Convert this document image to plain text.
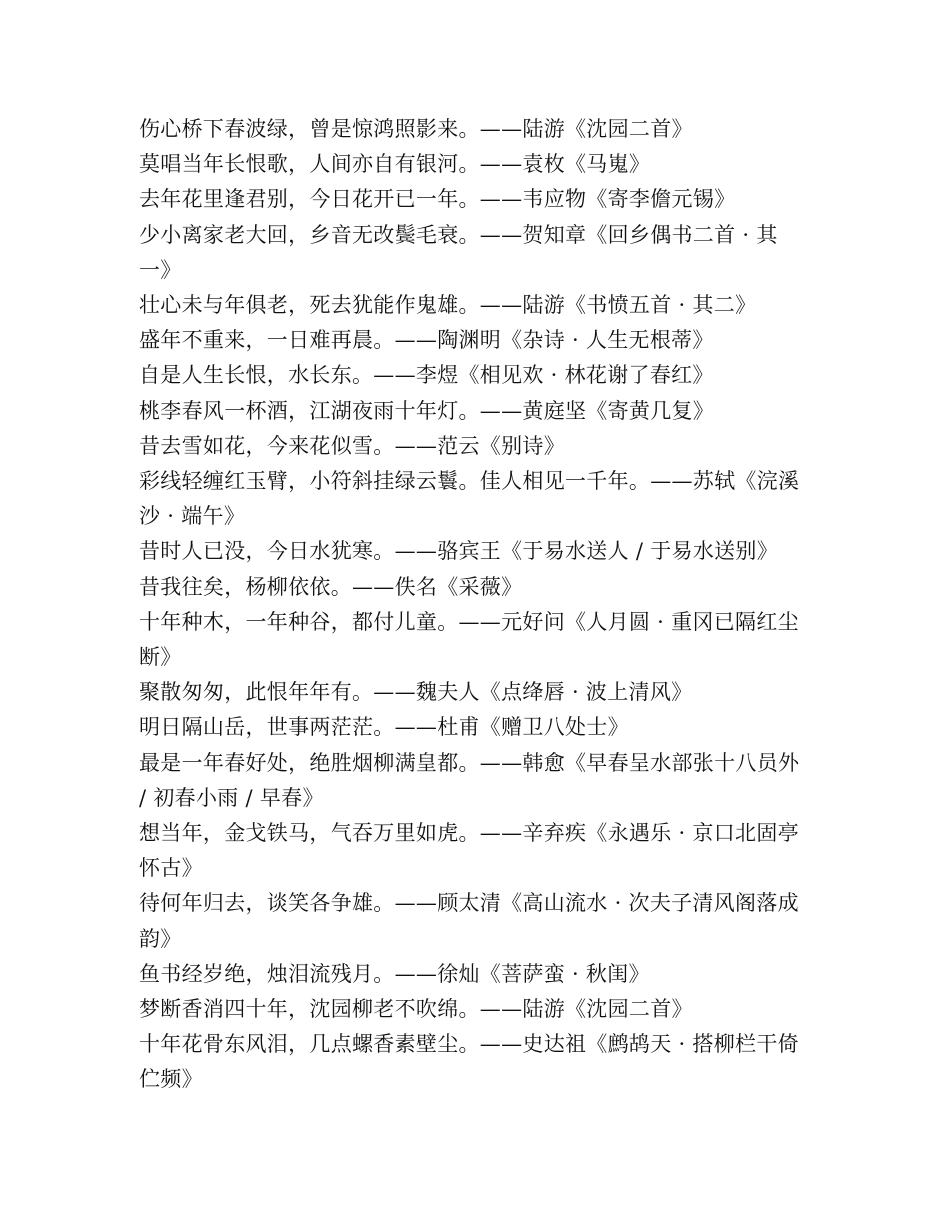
伤心桥下春波绿，曾是惊鸿照影来。——陆游《沈园二首》
莫唱当年长恨歌，人间亦自有银河。——袁枚《马嵬》
去年花里逢君别，今日花开已一年。——韦应物《寄李儋元锡》
少小离家老大回，乡音无改鬓毛衰。——贺知章《回乡偶书二首 · 其
一》
壮心未与年俱老，死去犹能作鬼雄。——陆游《书愤五首 · 其二》
盛年不重来，一日难再晨。——陶渊明《杂诗 · 人生无根蒂》
自是人生长恨，水长东。——李煜《相见欢 · 林花谢了春红》
桃李春风一杯酒，江湖夜雨十年灯。——黄庭坚《寄黄几复》
昔去雪如花，今来花似雪。——范云《别诗》
彩线轻缠红玉臂，小符斜挂绿云鬟。佳人相见一千年。——苏轼《浣溪
沙 · 端午》
昔时人已没，今日水犹寒。——骆宾王《于易水送人 / 于易水送别》
昔我往矣，杨柳依依。——佚名《采薇》
十年种木，一年种谷，都付儿童。——元好问《人月圆 · 重冈已隔红尘
断》
聚散匆匆，此恨年年有。——魏夫人《点绛唇 · 波上清风》
明日隔山岳，世事两茫茫。——杜甫《赠卫八处士》
最是一年春好处，绝胜烟柳满皇都。——韩愈《早春呈水部张十八员外
/ 初春小雨 / 早春》
想当年，金戈铁马，气吞万里如虎。——辛弃疾《永遇乐 · 京口北固亭
怀古》
待何年归去，谈笑各争雄。——顾太清《高山流水 · 次夫子清风阁落成
韵》
鱼书经岁绝，烛泪流残月。——徐灿《菩萨蛮 · 秋闺》
梦断香消四十年，沈园柳老不吹绵。——陆游《沈园二首》
十年花骨东风泪，几点螺香素壁尘。——史达祖《鹧鸪天 · 搭柳栏干倚
伫频》
